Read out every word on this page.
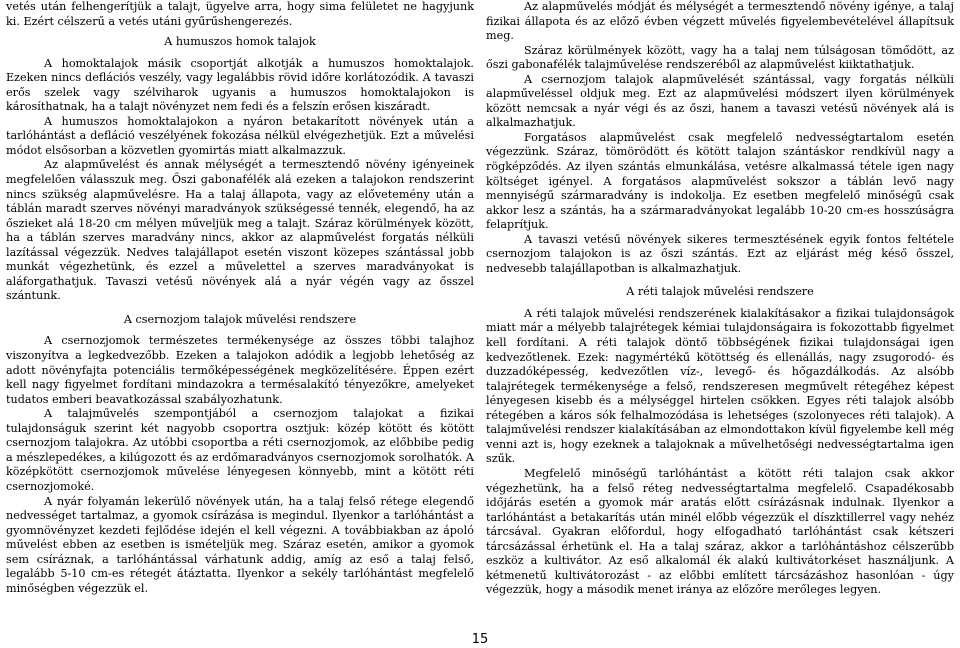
vetés után felhengerítjük a talajt, ügyelve arra, hogy sima felületet ne hagyjunk ki. Ezért célszerű a vetés utáni gyűrűshengerezés.

A humuszos homok talajok

A homoktalajok másik csoportját alkotják a humuszos homoktalajok. Ezeken nincs deflációs veszély, vagy legalábbis rövid időre korlátozódik. A tavaszi erős szelek vagy szélviharok ugyanis a humuszos homoktalajokon is károsíthatnak, ha a talajt növényzet nem fedi és a felszín erősen kiszáradt.

A humuszos homoktalajokon a nyáron betakarított növények után a tarlóhántást a defláció veszélyének fokozása nélkül elvégezhetjük. Ezt a művelési módot elsősorban a közvetlen gyomirtás miatt alkalmazzuk.

Az alapművelést és annak mélységét a termesztendő növény igényeinek megfelelően válasszuk meg. Őszi gabonafélék alá ezeken a talajokon rendszerint nincs szükség alapművelésre. Ha a talaj állapota, vagy az elővetemény után a táblán maradt szerves növényi maradványok szükségessé tennék, elegendő, ha az őszieket alá 18-20 cm mélyen műveljük meg a talajt. Száraz körülmények között, ha a táblán szerves maradvány nincs, akkor az alapművelést forgatás nélküli lazítással végezzük. Nedves talajállapot esetén viszont közepes szántással jobb munkát végezhetünk, és ezzel a művelettel a szerves maradványokat is aláforgathatjuk. Tavaszi vetésű növények alá a nyár végén vagy az ősszel szántunk.

A csernozjom talajok művelési rendszere

A csernozjomok természetes termékenysége az összes többi talajhoz viszonyítva a legkedvezőbb. Ezeken a talajokon adódik a legjobb lehetőség az adott növényfajta potenciális termőképességének megközelítésére. Éppen ezért kell nagy figyelmet fordítani mindazokra a termésalakító tényezőkre, amelyeket tudatos emberi beavatkozással szabályozhatunk.

A talajművelés szempontjából a csernozjom talajokat a fizikai tulajdonságuk szerint két nagyobb csoportra osztjuk: közép kötött és kötött csernozjom talajokra. Az utóbbi csoportba a réti csernozjomok, az előbbibe pedig a mészlepedékes, a kilúgozott és az erdőmaradványos csernozjomok sorolhatók. A középkötött csernozjomok művelése lényegesen könnyebb, mint a kötött réti csernozjomoké.

A nyár folyamán lekerülő növények után, ha a talaj felső rétege elegendő nedvességet tartalmaz, a gyomok csírázása is megindul. Ilyenkor a tarlóhántást a gyomnövényzet kezdeti fejlődése idején el kell végezni. A továbbiakban az ápoló művelést ebben az esetben is ismételjük meg. Száraz esetén, amikor a gyomok sem csíráznak, a tarlóhántással várhatunk addig, amíg az eső a talaj felső, legalább 5-10 cm-es rétegét átáztatta. Ilyenkor a sekély tarlóhántást megfelelő minőségben végezzük el.

Az alapművelés módját és mélységét a termesztendő növény igénye, a talaj fizikai állapota és az előző évben végzett művelés figyelembevételével állapítsuk meg.

Száraz körülmények között, vagy ha a talaj nem túlságosan tömődött, az őszi gabonafélék talajművelése rendszeréből az alapművelést kiiktathatjuk.

A csernozjom talajok alapművelését szántással, vagy forgatás nélküli alapműveléssel oldjuk meg. Ezt az alapművelési módszert ilyen körülmények között nemcsak a nyár végi és az őszi, hanem a tavaszi vetésű növények alá is alkalmazhatjuk.

Forgatásos alapművelést csak megfelelő nedvességtartalom esetén végezzünk. Száraz, tömörödött és kötött talajon szántáskor rendkívül nagy a rögképződés. Az ilyen szántás elmunkálása, vetésre alkalmassá tétele igen nagy költséget igényel. A forgatásos alapművelést sokszor a táblán levő nagy mennyiségű szármaradvány is indokolja. Ez esetben megfelelő minőségű csak akkor lesz a szántás, ha a szármaradványokat legalább 10-20 cm-es hosszúságra felaprítjuk.

A tavaszi vetésű növények sikeres termesztésének egyik fontos feltétele csernozjom talajokon is az őszi szántás. Ezt az eljárást még késő ősszel, nedvesebb talajállapotban is alkalmazhatjuk.

A réti talajok művelési rendszere

A réti talajok művelési rendszerének kialakításakor a fizikai tulajdonságok miatt már a mélyebb talajrétegek kémiai tulajdonságaira is fokozottabb figyelmet kell fordítani. A réti talajok döntő többségének fizikai tulajdonságai igen kedvezőtlenek. Ezek: nagymértékű kötöttség és ellenállás, nagy zsugorodó- és duzzadóképesség, kedvezőtlen víz-, levegő- és hőgazdálkodás. Az alsóbb talajrétegek termékenysége a felső, rendszeresen megművelt rétegéhez képest lényegesen kisebb és a mélységgel hirtelen csökken. Egyes réti talajok alsóbb rétegében a káros sók felhalmozódása is lehetséges (szolonyeces réti talajok). A talajművelési rendszer kialakításában az elmondottakon kívül figyelembe kell még venni azt is, hogy ezeknek a talajoknak a művelhetőségi nedvességtartalma igen szűk.

Megfelelő minőségű tarlóhántást a kötött réti talajon csak akkor végezhetünk, ha a felső réteg nedvességtartalma megfelelő. Csapadékosabb időjárás esetén a gyomok már aratás előtt csírázásnak indulnak. Ilyenkor a tarlóhántást a betakarítás után minél előbb végezzük el díszktillerrel vagy nehéz tárcsával. Gyakran előfordul, hogy elfogadható tarlóhántást csak kétszeri tárcsázással érhetünk el. Ha a talaj száraz, akkor a tarlóhántáshoz célszerűbb eszköz a kultivátor. Az eső alkalomál ék alakú kultivátorkéset használjunk. A kétmenetű kultivátorozást - az előbbi említett tárcsázáshoz hasonlóan - úgy végezzük, hogy a második menet iránya az előzőre merőleges legyen.

15
